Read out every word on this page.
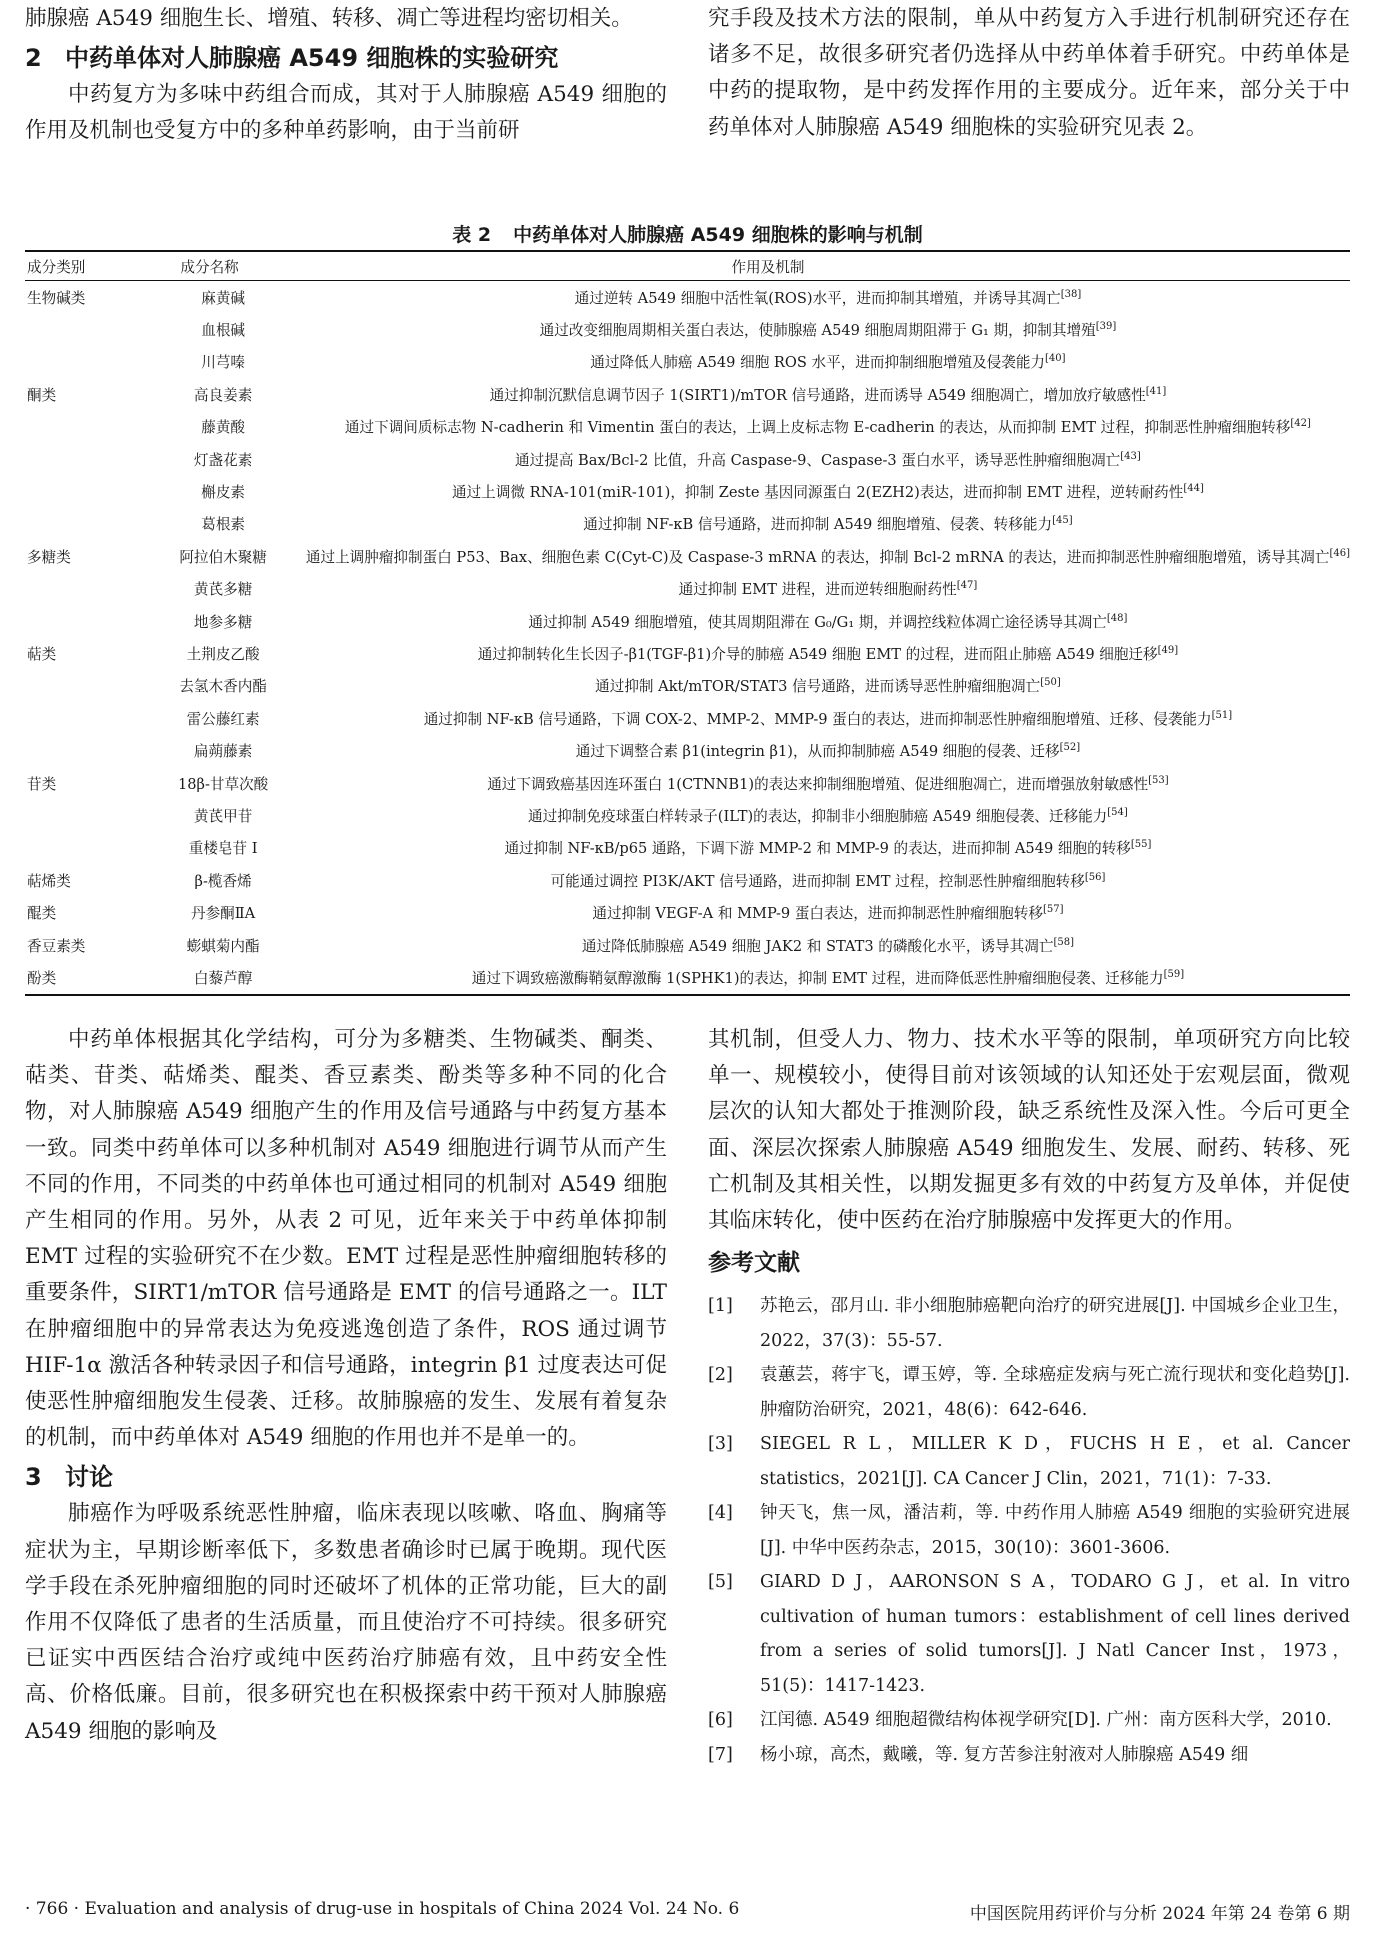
肺腺癌 A549 细胞生长、增殖、转移、凋亡等进程均密切相关。

2 中药单体对人肺腺癌 A549 细胞株的实验研究

中药复方为多味中药组合而成，其对于人肺腺癌 A549 细胞的作用及机制也受复方中的多种单药影响，由于当前研

究手段及技术方法的限制，单从中药复方入手进行机制研究还存在诸多不足，故很多研究者仍选择从中药单体着手研究。中药单体是中药的提取物，是中药发挥作用的主要成分。近年来，部分关于中药单体对人肺腺癌 A549 细胞株的实验研究见表 2。

表 2 中药单体对人肺腺癌 A549 细胞株的影响与机制
成分类别	成分名称	作用及机制
生物碱类	麻黄碱	通过逆转 A549 细胞中活性氧(ROS)水平，进而抑制其增殖，并诱导其凋亡[38]
	血根碱	通过改变细胞周期相关蛋白表达，使肺腺癌 A549 细胞周期阻滞于 G₁ 期，抑制其增殖[39]
	川芎嗪	通过降低人肺癌 A549 细胞 ROS 水平，进而抑制细胞增殖及侵袭能力[40]
酮类	高良姜素	通过抑制沉默信息调节因子 1(SIRT1)/mTOR 信号通路，进而诱导 A549 细胞凋亡，增加放疗敏感性[41]
	藤黄酸	通过下调间质标志物 N-cadherin 和 Vimentin 蛋白的表达，上调上皮标志物 E-cadherin 的表达，从而抑制 EMT 过程，抑制恶性肿瘤细胞转移[42]
	灯盏花素	通过提高 Bax/Bcl-2 比值，升高 Caspase-9、Caspase-3 蛋白水平，诱导恶性肿瘤细胞凋亡[43]
	槲皮素	通过上调微 RNA-101(miR-101)，抑制 Zeste 基因同源蛋白 2(EZH2)表达，进而抑制 EMT 进程，逆转耐药性[44]
	葛根素	通过抑制 NF-κB 信号通路，进而抑制 A549 细胞增殖、侵袭、转移能力[45]
多糖类	阿拉伯木聚糖	通过上调肿瘤抑制蛋白 P53、Bax、细胞色素 C(Cyt-C)及 Caspase-3 mRNA 的表达，抑制 Bcl-2 mRNA 的表达，进而抑制恶性肿瘤细胞增殖，诱导其凋亡[46]
	黄芪多糖	通过抑制 EMT 进程，进而逆转细胞耐药性[47]
	地参多糖	通过抑制 A549 细胞增殖，使其周期阻滞在 G₀/G₁ 期，并调控线粒体凋亡途径诱导其凋亡[48]
萜类	土荆皮乙酸	通过抑制转化生长因子-β1(TGF-β1)介导的肺癌 A549 细胞 EMT 的过程，进而阻止肺癌 A549 细胞迁移[49]
	去氢木香内酯	通过抑制 Akt/mTOR/STAT3 信号通路，进而诱导恶性肿瘤细胞凋亡[50]
	雷公藤红素	通过抑制 NF-κB 信号通路，下调 COX-2、MMP-2、MMP-9 蛋白的表达，进而抑制恶性肿瘤细胞增殖、迁移、侵袭能力[51]
	扁蒴藤素	通过下调整合素 β1(integrin β1)，从而抑制肺癌 A549 细胞的侵袭、迁移[52]
苷类	18β-甘草次酸	通过下调致癌基因连环蛋白 1(CTNNB1)的表达来抑制细胞增殖、促进细胞凋亡，进而增强放射敏感性[53]
	黄芪甲苷	通过抑制免疫球蛋白样转录子(ILT)的表达，抑制非小细胞肺癌 A549 细胞侵袭、迁移能力[54]
	重楼皂苷 I	通过抑制 NF-κB/p65 通路，下调下游 MMP-2 和 MMP-9 的表达，进而抑制 A549 细胞的转移[55]
萜烯类	β-榄香烯	可能通过调控 PI3K/AKT 信号通路，进而抑制 EMT 过程，控制恶性肿瘤细胞转移[56]
醌类	丹参酮ⅡA	通过抑制 VEGF-A 和 MMP-9 蛋白表达，进而抑制恶性肿瘤细胞转移[57]
香豆素类	蟛蜞菊内酯	通过降低肺腺癌 A549 细胞 JAK2 和 STAT3 的磷酸化水平，诱导其凋亡[58]
酚类	白藜芦醇	通过下调致癌激酶鞘氨醇激酶 1(SPHK1)的表达，抑制 EMT 过程，进而降低恶性肿瘤细胞侵袭、迁移能力[59]

中药单体根据其化学结构，可分为多糖类、生物碱类、酮类、萜类、苷类、萜烯类、醌类、香豆素类、酚类等多种不同的化合物，对人肺腺癌 A549 细胞产生的作用及信号通路与中药复方基本一致。同类中药单体可以多种机制对 A549 细胞进行调节从而产生不同的作用，不同类的中药单体也可通过相同的机制对 A549 细胞产生相同的作用。另外，从表 2 可见，近年来关于中药单体抑制 EMT 过程的实验研究不在少数。EMT 过程是恶性肿瘤细胞转移的重要条件，SIRT1/mTOR 信号通路是 EMT 的信号通路之一。ILT 在肿瘤细胞中的异常表达为免疫逃逸创造了条件，ROS 通过调节 HIF-1α 激活各种转录因子和信号通路，integrin β1 过度表达可促使恶性肿瘤细胞发生侵袭、迁移。故肺腺癌的发生、发展有着复杂的机制，而中药单体对 A549 细胞的作用也并不是单一的。

3 讨论

肺癌作为呼吸系统恶性肿瘤，临床表现以咳嗽、咯血、胸痛等症状为主，早期诊断率低下，多数患者确诊时已属于晚期。现代医学手段在杀死肿瘤细胞的同时还破坏了机体的正常功能，巨大的副作用不仅降低了患者的生活质量，而且使治疗不可持续。很多研究已证实中西医结合治疗或纯中医药治疗肺癌有效，且中药安全性高、价格低廉。目前，很多研究也在积极探索中药干预对人肺腺癌 A549 细胞的影响及

其机制，但受人力、物力、技术水平等的限制，单项研究方向比较单一、规模较小，使得目前对该领域的认知还处于宏观层面，微观层次的认知大都处于推测阶段，缺乏系统性及深入性。今后可更全面、深层次探索人肺腺癌 A549 细胞发生、发展、耐药、转移、死亡机制及其相关性，以期发掘更多有效的中药复方及单体，并促使其临床转化，使中医药在治疗肺腺癌中发挥更大的作用。

参考文献
[1]	苏艳云，邵月山. 非小细胞肺癌靶向治疗的研究进展[J]. 中国城乡企业卫生，2022，37(3)：55-57.
[2]	袁蕙芸，蒋宇飞，谭玉婷，等. 全球癌症发病与死亡流行现状和变化趋势[J]. 肿瘤防治研究，2021，48(6)：642-646.
[3]	SIEGEL R L，MILLER K D，FUCHS H E，et al. Cancer statistics，2021[J]. CA Cancer J Clin，2021，71(1)：7-33.
[4]	钟天飞，焦一凤，潘洁莉，等. 中药作用人肺癌 A549 细胞的实验研究进展[J]. 中华中医药杂志，2015，30(10)：3601-3606.
[5]	GIARD D J，AARONSON S A，TODARO G J，et al. In vitro cultivation of human tumors：establishment of cell lines derived from a series of solid tumors[J]. J Natl Cancer Inst，1973，51(5)：1417-1423.
[6]	江闰德. A549 细胞超微结构体视学研究[D]. 广州：南方医科大学，2010.
[7]	杨小琼，高杰，戴曦，等. 复方苦参注射液对人肺腺癌 A549 细
· 766 · Evaluation and analysis of drug-use in hospitals of China 2024 Vol. 24 No. 6	中国医院用药评价与分析 2024 年第 24 卷第 6 期
